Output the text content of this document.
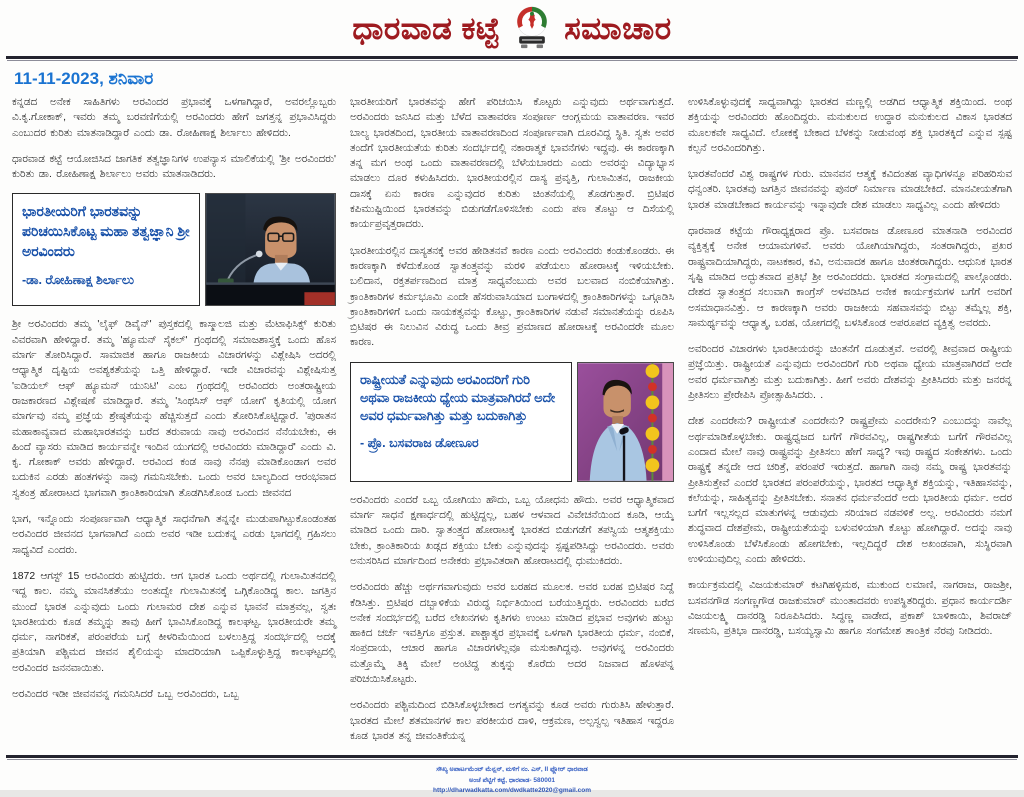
ಧಾರವಾಡ ಕಟ್ಟೆ ಸಮಾಚಾರ
11-11-2023, ಶನಿವಾರ

ಕನ್ನಡದ ಅನೇಕ ಸಾಹಿತಿಗಳು ಅರವಿಂದರ ಪ್ರಭಾವಕ್ಕೆ ಒಳಗಾಗಿದ್ದಾರೆ, ಅವರಲ್ಲೊಬ್ಬರು ವಿ.ಕೃ.ಗೋಕಾಕ್, ಇವರು ತಮ್ಮ ಬರವಣಿಗೆಯಲ್ಲಿ ಅರವಿಂದರು ಹೇಗೆ ಜಗತ್ತನ್ನ ಪ್ರಭಾವಿಸಿದ್ದರು ಎಂಬುದರ ಕುರಿತು ಮಾತನಾಡಿದ್ದಾರೆ ಎಂದು ಡಾ. ರೋಹಿಣಾಕ್ಷ ಶಿರ್ಲಾಲು ಹೇಳಿದರು.

ಧಾರವಾಡ ಕಟ್ಟೆ ಆಯೋಜಿಸಿದ ಜಾಗತಿಕ ತತ್ವಜ್ಞಾನಿಗಳ ಉಪನ್ಯಾಸ ಮಾಲಿಕೆಯಲ್ಲಿ 'ಶ್ರೀ ಅರವಿಂದರು' ಕುರಿತು ಡಾ. ರೋಹಿಣಾಕ್ಷ ಶಿರ್ಲಾಲು ಅವರು ಮಾತನಾಡಿದರು.

ಭಾರತೀಯರಿಗೆ ಭಾರತವನ್ನು ಪರಿಚಯಿಸಿಕೊಟ್ಟ ಮಹಾ ತತ್ವಜ್ಞಾನಿ ಶ್ರೀ ಅರವಿಂದರು

-ಡಾ. ರೋಹಿಣಾಕ್ಷ ಶಿರ್ಲಾಲು

ಶ್ರೀ ಅರವಿಂದರು ತಮ್ಮ 'ಲೈಫ್ ಡಿವೈನ್' ಪುಸ್ತಕದಲ್ಲಿ ಕಾಸ್ಮಾಲಜಿ ಮತ್ತು ಮೆಟಾಫಿಸಿಕ್ಸ್ ಕುರಿತು ವಿವರವಾಗಿ ಹೇಳಿದ್ದಾರೆ. ತಮ್ಮ 'ಹ್ಯೂಮನ್ ಸೈಕಲ್' ಗ್ರಂಥದಲ್ಲಿ ಸಮಾಜಶಾಸ್ತ್ರಕ್ಕೆ ಒಂದು ಹೊಸ ಮಾರ್ಗ ತೋರಿಸಿದ್ದಾರೆ. ಸಾಮಾಜಿಕ ಹಾಗೂ ರಾಜಕೀಯ ವಿಚಾರಗಳನ್ನು ವಿಶ್ಲೇಷಿಸಿ ಅದರಲ್ಲಿ ಆಧ್ಯಾತ್ಮಿಕ ದೃಷ್ಟಿಯ ಅವಶ್ಯಕತೆಯನ್ನು ಒತ್ತಿ ಹೇಳಿದ್ದಾರೆ. ಇದೇ ವಿಚಾರವನ್ನು ವಿಶ್ಲೇಷಿಸುತ್ತ 'ಐಡಿಯಲ್ ಆಫ್ ಹ್ಯೂಮನ್ ಯುನಿಟಿ' ಎಂಬ ಗ್ರಂಥದಲ್ಲಿ ಅರವಿಂದರು ಅಂತರಾಷ್ಟ್ರೀಯ ರಾಜಕಾರಣದ ವಿಶ್ಲೇಷಣೆ ಮಾಡಿದ್ದಾರೆ. ತಮ್ಮ 'ಸಿಂಥಸಿಸ್ ಆಫ್ ಯೋಗ' ಕೃತಿಯಲ್ಲಿ ಯೋಗ ಮಾರ್ಗವು ನಮ್ಮ ಪ್ರಜ್ಞೆಯ ಶ್ರೇಷ್ಠತೆಯನ್ನು ಹೆಚ್ಚಿಸುತ್ತದೆ ಎಂದು ತೋರಿಸಿಕೊಟ್ಟಿದ್ದಾರೆ. 'ಪುರಾತನ ಮಹಾಕಾವ್ಯವಾದ ಮಹಾಭಾರತವನ್ನು ಬರೆದ ತರುವಾಯ ನಾವು ಅರವಿಂದನ ನೆನೆಯಬೇಕು, ಈ ಹಿಂದೆ ವ್ಯಾಸರು ಮಾಡಿದ ಕಾರ್ಯವನ್ನೇ ಇಂದಿನ ಯುಗದಲ್ಲಿ ಅರವಿಂದರು ಮಾಡಿದ್ದಾರೆ' ಎಂದು ವಿ. ಕೃ. ಗೋಕಾಕ್ ಅವರು ಹೇಳಿದ್ದಾರೆ. ಅರವಿಂದ ಕಂಡ ನಾವು ನೆನಪು ಮಾಡಿಕೊಂಡಾಗ ಅವರ ಬದುಕಿನ ಎರಡು ಹಂತಗಳನ್ನು ನಾವು ಗಮನಿಸಬೇಕು. ಒಂದು ಅವರ ಬಾಲ್ಯದಿಂದ ಆರಂಭವಾದ ಸ್ವತಂತ್ರ ಹೋರಾಟದ ಭಾಗವಾಗಿ ಕ್ರಾಂತಿಕಾರಿಯಾಗಿ ತೊಡಗಿಸಿಕೊಂಡ ಒಂದು ಜೀವನದ

ಭಾಗ, ಇನ್ನೊಂದು ಸಂಪೂರ್ಣವಾಗಿ ಆಧ್ಯಾತ್ಮಿಕ ಸಾಧನೆಗಾಗಿ ತನ್ನನ್ನೇ ಮುಡುಪಾಗಿಟ್ಟುಕೊಂಡಂತಹ ಅರವಿಂದರ ಜೀವನದ ಭಾಗವಾಗಿದೆ ಎಂದು ಅವರ ಇಡೀ ಬದುಕನ್ನ ಎರಡು ಭಾಗದಲ್ಲಿ ಗ್ರಹಿಸಲು ಸಾಧ್ಯವಿದೆ ಎಂದರು.

1872 ಆಗಸ್ಟ್ 15 ಅರವಿಂದರು ಹುಟ್ಟಿದರು. ಆಗ ಭಾರತ ಒಂದು ಅರ್ಥದಲ್ಲಿ ಗುಲಾಮಿತನದಲ್ಲಿ ಇದ್ದ ಕಾಲ. ನಮ್ಮ ಮಾನಸಿಕತೆಯು ಅಂತಃದ್ವೇ ಗುಲಾಮಿತನಕ್ಕೆ ಒಗ್ಗಿಕೊಂಡಿದ್ದ ಕಾಲ. ಜಗತ್ತಿನ ಮುಂದೆ ಭಾರತ ಎನ್ನುವುದು ಒಂದು ಗುಲಾಮರ ದೇಶ ಎನ್ನುವ ಭಾವನೆ ಮಾತ್ರವಲ್ಲ, ಸ್ವತಃ ಭಾರತೀಯರು ಕೂಡ ತಮ್ಮನ್ನು ತಾವು ಹೀಗೆ ಭಾವಿಸಿಕೊಂಡಿದ್ದ ಕಾಲಘಟ್ಟ. ಭಾರತೀಯರೇ ತಮ್ಮ ಧರ್ಮ, ನಾಗರಿಕತೆ, ಪರಂಪರೆಯ ಬಗ್ಗೆ ಕೀಳರಿಮೆಯಿಂದ ಬಳಲುತ್ತಿದ್ದ ಸಂದರ್ಭದಲ್ಲಿ ಅದಕ್ಕೆ ಪ್ರತಿಯಾಗಿ ಪಶ್ಚಿಮದ ಜೀವನ ಶೈಲಿಯನ್ನು ಮಾದರಿಯಾಗಿ ಒಪ್ಪಿಕೊಳ್ಳುತ್ತಿದ್ದ ಕಾಲಘಟ್ಟದಲ್ಲಿ ಅರವಿಂದರ ಜನನವಾಯಿತು.

ಅರವಿಂದರ ಇಡೀ ಜೀವನವನ್ನ ಗಮನಿಸಿದರೆ ಒಬ್ಬ ಅರವಿಂದರು, ಒಬ್ಬ

ಭಾರತೀಯರಿಗೆ ಭಾರತವನ್ನು ಹೇಗೆ ಪರಿಚಯಿಸಿ ಕೊಟ್ಟರು ಎನ್ನುವುದು ಅರ್ಥವಾಗುತ್ತದೆ. ಅರವಿಂದರು ಜನಿಸಿದ ಮತ್ತು ಬೆಳೆದ ವಾತಾವರಣ ಸಂಪೂರ್ಣ ಆಂಗ್ಲಮಯ ವಾತಾವರಣ. ಇವರ ಬಾಲ್ಯ ಭಾರತದಿಂದ, ಭಾರತೀಯ ವಾತಾವರಣದಿಂದ ಸಂಪೂರ್ಣವಾಗಿ ದೂರವಿದ್ದ ಸ್ಥಿತಿ. ಸ್ವತಃ ಅವರ ತಂದೆಗೆ ಭಾರತೀಯತೆಯ ಕುರಿತು ಸಂದರ್ಭದಲ್ಲಿ ನಕಾರಾತ್ಮಕ ಭಾವನೆಗಳು ಇದ್ದವು. ಈ ಕಾರಣಕ್ಕಾಗಿ ತನ್ನ ಮಗ ಅಂಥ ಒಂದು ವಾತಾವರಣದಲ್ಲಿ ಬೆಳೆಯಬಾರದು ಎಂದು ಅವರನ್ನು ವಿದ್ಯಾಭ್ಯಾಸ ಮಾಡಲು ದೂರ ಕಳುಹಿಸಿದರು. ಭಾರತೀಯರಲ್ಲಿನ ದಾಸ್ಯ ಪ್ರವೃತ್ತಿ, ಗುಲಾಮಿತನ, ರಾಜಕೀಯ ದಾಸಕ್ಕೆ ಏನು ಕಾರಣ ಎನ್ನುವುದರ ಕುರಿತು ಚಿಂತನೆಯಲ್ಲಿ ತೊಡಗುತ್ತಾರೆ. ಬ್ರಿಟಿಷರ ಕಪಿಮುಷ್ಟಿಯಿಂದ ಭಾರತವನ್ನು ಬಿಡುಗಡೆಗೊಳಿಸಬೇಕು ಎಂದು ಪಣ ತೊಟ್ಟು ಆ ದಿಸೆಯಲ್ಲಿ ಕಾರ್ಯಪ್ರವೃತ್ತರಾದರು.

ಭಾರತೀಯರಲ್ಲಿನ ದಾಸ್ಯತನಕ್ಕೆ ಅವರ ಹೇಡಿತನವೆ ಕಾರಣ ಎಂದು ಅರವಿಂದರು ಕಂಡುಕೊಂಡರು. ಈ ಕಾರಣಕ್ಕಾಗಿ ಕಳೆದುಕೊಂಡ ಸ್ವಾತಂತ್ರ್ಯವನ್ನು ಮರಳಿ ಪಡೆಯಲು ಹೋರಾಟಕ್ಕೆ ಇಳಿಯಬೇಕು. ಬಲಿದಾನ, ರಕ್ತತರ್ಪಣದಿಂದ ಮಾತ್ರ ಸಾಧ್ಯವೆಂಬುದು ಅವರ ಬಲವಾದ ನಂಬಿಕೆಯಾಗಿತ್ತು. ಕ್ರಾಂತಿಕಾರಿಗಳ ಕರ್ಮಭೂಮಿ ಎಂದೇ ಹೆಸರುವಾಸಿಯಾದ ಬಂಗಾಳದಲ್ಲಿ ಕ್ರಾಂತಿಕಾರಿಗಳನ್ನು ಒಗ್ಗೂಡಿಸಿ ಕ್ರಾಂತಿಕಾರಿಗಳಿಗೆ ಒಂದು ನಾಯಕತ್ವವನ್ನು ಕೊಟ್ಟು, ಕ್ರಾಂತಿಕಾರಿಗಳ ನಡುವೆ ಸಮಾನತೆಯನ್ನು ರೂಪಿಸಿ ಬ್ರಿಟಿಷರ ಈ ನಿಲುವಿನ ವಿರುದ್ಧ ಒಂದು ತೀವ್ರ ಪ್ರಮಾಣದ ಹೋರಾಟಕ್ಕೆ ಅರವಿಂದರೇ ಮೂಲ ಕಾರಣ.

ರಾಷ್ಟ್ರೀಯತೆ ಎನ್ನುವುದು ಅರವಿಂದರಿಗೆ ಗುರಿ ಅಥವಾ ರಾಜಕೀಯ ಧ್ಯೇಯ ಮಾತ್ರವಾಗಿರದೆ ಅದೇ ಅವರ ಧರ್ಮವಾಗಿತ್ತು ಮತ್ತು ಬದುಕಾಗಿತ್ತು

- ಪ್ರೊ. ಬಸವರಾಜ ಡೋಣೂರ

ಅರವಿಂದರು ಎಂದರೆ ಒಬ್ಬ ಯೋಗಿಯು ಹೌದು, ಒಬ್ಬ ಯೋಧನು ಹೌದು. ಅವರ ಆಧ್ಯಾತ್ಮಿಕವಾದ ಮಾರ್ಗ ಸಾಧನೆ ಕ್ಷಣಾರ್ಧದಲ್ಲಿ ಹುಟ್ಟಿದ್ದಲ್ಲ, ಬಹಳ ಆಳವಾದ ವಿವೇಚನೆಯಿಂದ ಕೂಡಿ, ಆಯ್ಕೆ ಮಾಡಿದ ಒಂದು ದಾರಿ. ಸ್ವಾತಂತ್ರ್ಯದ ಹೋರಾಟಕ್ಕೆ ಭಾರತದ ಬಿಡುಗಡೆಗೆ ತಪಸ್ವಿಯ ಆತ್ಮಶಕ್ತಿಯು ಬೇಕು, ಕ್ರಾಂತಿಕಾರಿಯ ಖಡ್ಗದ ಶಕ್ತಿಯು ಬೇಕು ಎನ್ನುವುದನ್ನು ಸ್ಪಷ್ಟಪಡಿಸಿದ್ದು ಅರವಿಂದರು. ಅವರು ಅನುಸರಿಸಿದ ಮಾರ್ಗದಿಂದ ಅನೇಕರು ಪ್ರಭಾವಿತರಾಗಿ ಹೋರಾಟದಲ್ಲಿ ಧುಮುಕಿದರು.

ಅರವಿಂದರು ಹೆಚ್ಚು ಅರ್ಥಗವಾಗುವುದು ಅವರ ಬರಹದ ಮೂಲಕ. ಅವರ ಬರಹ ಬ್ರಿಟಿಷರ ನಿದ್ದೆ ಕೆಡಿಸಿತ್ತು. ಬ್ರಿಟಿಷರ ದಬ್ಬಾಳಿಕೆಯ ವಿರುದ್ಧ ನಿರ್ಭಿತಿಯಿಂದ ಬರೆಯುತ್ತಿದ್ದರು. ಅರವಿಂದರು ಬರೆದ ಅನೇಕ ಸಂದರ್ಭದಲ್ಲಿ ಬರೆದ ಲೇಖನಗಳು ಕೃತಿಗಳು ಉಂಟು ಮಾಡಿದ ಪ್ರಭಾವ ಅವುಗಳು ಹುಟ್ಟು ಹಾಕಿದ ಚರ್ಚೆ ಇವತ್ತಿಗೂ ಪ್ರಸ್ತುತ. ಪಾಶ್ಚಾತ್ಯರ ಪ್ರಭಾವಕ್ಕೆ ಒಳಗಾಗಿ ಭಾರತೀಯ ಧರ್ಮ, ನಂಬಿಕೆ, ಸಂಪ್ರದಾಯ, ಆಚಾರ ಹಾಗೂ ವಿಚಾರಗಳೆಲ್ಲವೂ ಮಸುಕಾಗಿದ್ದವು. ಅವುಗಳನ್ನ ಅರವಿಂದರು ಮತ್ತೊಮ್ಮೆ ತಿಕ್ಕಿ ಮೇಲೆ ಅಂಟಿದ್ದ ತುಕ್ಕನ್ನು ಕೊರೆದು ಅದರ ನಿಜವಾದ ಹೊಳಪನ್ನ ಪರಿಚಯಿಸಿಕೊಟ್ಟರು.

ಅರವಿಂದರು ಪಶ್ಚಿಮದಿಂದ ಬಿಡಿಸಿಕೊಳ್ಳಬೇಕಾದ ಅಗತ್ಯವನ್ನು ಕೂಡ ಅವರು ಗುರುತಿಸಿ ಹೇಳುತ್ತಾರೆ. ಭಾರತದ ಮೇಲೆ ಶತಮಾನಗಳ ಕಾಲ ಪರಕೀಯರ ದಾಳಿ, ಆಕ್ರಮಣ, ಅಲ್ಪಸ್ವಲ್ಪ ಇತಿಹಾಸ ಇದ್ದರೂ ಕೂಡ ಭಾರತ ತನ್ನ ಜೀವಂತಿಕೆಯನ್ನ

ಉಳಿಸಿಕೊಳ್ಳುವುದಕ್ಕೆ ಸಾಧ್ಯವಾಗಿದ್ದು ಭಾರತದ ಮಣ್ಣಲ್ಲಿ ಅಡಗಿದ ಆಧ್ಯಾತ್ಮಿಕ ಶಕ್ತಿಯಿಂದ. ಅಂಥ ಶಕ್ತಿಯನ್ನು ಅರವಿಂದರು ಹೊಂದಿದ್ದರು. ಮನುಕುಲದ ಉದ್ಧಾರ ಮನುಕುಲದ ವಿಕಾಸ ಭಾರತದ ಮೂಲಕವೇ ಸಾಧ್ಯವಿದೆ. ಲೋಕಕ್ಕೆ ಬೇಕಾದ ಬೆಳಕನ್ನು ನೀಡುವಂಥ ಶಕ್ತಿ ಭಾರತಕ್ಕಿದೆ ಎನ್ನುವ ಸ್ಪಷ್ಟ ಕಲ್ಪನೆ ಅರವಿಂದರಿಗಿತ್ತು.

ಭಾರತವೆಂದರೆ ವಿಶ್ವ ರಾಷ್ಟ್ರಗಳ ಗುರು. ಮಾನವನ ಆತ್ಮಕ್ಕೆ ಕವಿದಂತಹ ವ್ಯಾಧಿಗಳನ್ನೂ ಪರಿಹರಿಸುವ ಧನ್ವಂತರಿ. ಭಾರತವು ಜಗತ್ತಿನ ಜೀವನವನ್ನು ಪುನರ್ ನಿರ್ಮಾಣ ಮಾಡಬೇಕಿದೆ. ಮಾನವೀಯತೆಗಾಗಿ ಭಾರತ ಮಾಡಬೇಕಾದ ಕಾರ್ಯವನ್ನು ಇನ್ನಾವುದೇ ದೇಶ ಮಾಡಲು ಸಾಧ್ಯವಿಲ್ಲ ಎಂದು ಹೇಳಿದರು

ಧಾರವಾಡ ಕಟ್ಟೆಯ ಗೌರಾಧ್ಯಕ್ಷರಾದ ಪ್ರೊ. ಬಸವರಾಜ ಡೋಣೂರ ಮಾತನಾಡಿ ಅರವಿಂದರ ವ್ಯಕ್ತಿತ್ವಕ್ಕೆ ಅನೇಕ ಆಯಾಮಗಳಿವೆ. ಅವರು ಯೋಗಿಯಾಗಿದ್ದರು, ಸಂತರಾಗಿದ್ದರು, ಪ್ರಖರ ರಾಷ್ಟ್ರವಾದಿಯಾಗಿದ್ದರು, ನಾಟಕಕಾರ, ಕವಿ, ಅನುವಾದಕ ಹಾಗೂ ಚಿಂತಕರಾಗಿದ್ದರು. ಆಧುನಿಕ ಭಾರತ ಸೃಷ್ಟಿ ಮಾಡಿದ ಅದ್ಭುತವಾದ ಪ್ರತಿಭೆ ಶ್ರೀ ಅರವಿಂದರದು. ಭಾರತದ ಸಂಗ್ರಾಮದಲ್ಲಿ ಪಾಲ್ಗೊಂಡರು. ದೇಶದ ಸ್ವಾತಂತ್ರ್ಯದ ಸಲುವಾಗಿ ಕಾಂಗ್ರೆಸ್ ಅಳವಡಿಸಿದ ಅನೇಕ ಕಾರ್ಯಕ್ರಮಗಳ ಬಗೆಗೆ ಅವರಿಗೆ ಅಸಮಾಧಾನವಿತ್ತು. ಆ ಕಾರಣಕ್ಕಾಗಿ ಅವರು ರಾಜಕೀಯ ಸಹವಾಸವನ್ನು ಬಿಟ್ಟು ತಮ್ಮೆಲ್ಲ ಶಕ್ತಿ, ಸಾಮರ್ಥ್ಯವನ್ನು ಆಧ್ಯಾತ್ಮ, ಬರಹ, ಯೋಗದಲ್ಲಿ ಬಳಸಿಕೊಂಡ ಅಪರೂಪದ ವ್ಯಕ್ತಿತ್ವ ಅವರದು.

ಅವರಿಂದರ ವಿಚಾರಗಳು ಭಾರತೀಯರನ್ನು ಚಿಂತನೆಗೆ ದೂಡುತ್ತವೆ. ಅವರಲ್ಲಿ ತೀವ್ರವಾದ ರಾಷ್ಟ್ರೀಯ ಪ್ರಜ್ಞೆಯಿತ್ತು. ರಾಷ್ಟ್ರೀಯತೆ ಎನ್ನುವುದು ಅರವಿಂದರಿಗೆ ಗುರಿ ಅಥವಾ ಧ್ಯೇಯ ಮಾತ್ರವಾಗಿರದೆ ಅದೇ ಅವರ ಧರ್ಮವಾಗಿತ್ತು ಮತ್ತು ಬದುಕಾಗಿತ್ತು. ಹೀಗೆ ಅವರು ದೇಶವನ್ನು ಪ್ರೀತಿಸಿದರು ಮತ್ತು ಜನರನ್ನ ಪ್ರೀತಿಸಲು ಪ್ರೇರೇಪಿಸಿ ಪ್ರೋತ್ಸಾಹಿಸಿದರು. .

ದೇಶ ಎಂದರೇನು? ರಾಷ್ಟ್ರೀಯತೆ ಎಂದರೇನು? ರಾಷ್ಟ್ರಪ್ರೇಮ ಎಂದರೇನು? ಎಂಬುದನ್ನು ನಾವೆಲ್ಲ ಅರ್ಥಮಾಡಿಕೊಳ್ಳಬೇಕು. ರಾಷ್ಟ್ರಧ್ವಜದ ಬಗೆಗೆ ಗೌರವವಿಲ್ಲ, ರಾಷ್ಟ್ರಗೀತೆಯ ಬಗೆಗೆ ಗೌರವವಿಲ್ಲ ಎಂದಾದ ಮೇಲೆ ನಾವು ರಾಷ್ಟ್ರವನ್ನು ಪ್ರೀತಿಸಲು ಹೇಗೆ ಸಾಧ್ಯ? ಇವು ರಾಷ್ಟ್ರದ ಸಂಕೇತಗಳು. ಒಂದು ರಾಷ್ಟ್ರಕ್ಕೆ ತನ್ನದೇ ಆದ ಚರಿತ್ರೆ, ಪರಂಪರೆ ಇರುತ್ತದೆ. ಹಾಗಾಗಿ ನಾವು ನಮ್ಮ ರಾಷ್ಟ್ರ ಭಾರತವನ್ನು ಪ್ರೀತಿಸುತ್ತೇವೆ ಎಂದರೆ ಭಾರತದ ಪರಂಪರೆಯನ್ನು, ಭಾರತದ ಆಧ್ಯಾತ್ಮಿಕ ಶಕ್ತಿಯನ್ನು, ಇತಿಹಾಸವನ್ನು, ಕಲೆಯನ್ನು, ಸಾಹಿತ್ಯವನ್ನು ಪ್ರೀತಿಸಬೇಕು. ಸನಾತನ ಧರ್ಮವೆಂದರೆ ಅದು ಭಾರತೀಯ ಧರ್ಮ. ಅದರ ಬಗೆಗೆ ಇಲ್ಲಸಲ್ಲದ ಮಾತುಗಳನ್ನ ಆಡುವುದು ಸರಿಯಾದ ನಡವಳಿಕೆ ಅಲ್ಲ. ಅರವಿಂದರು ನಮಗೆ ಶುದ್ಧವಾದ ದೇಶಪ್ರೇಮ, ರಾಷ್ಟ್ರೀಯತೆಯನ್ನು ಬಳುವಳಿಯಾಗಿ ಕೊಟ್ಟು ಹೋಗಿದ್ದಾರೆ. ಅದನ್ನು ನಾವು ಉಳಿಸಿಕೊಂಡು ಬೆಳೆಸಿಕೊಂಡು ಹೋಗಬೇಕು, ಇಲ್ಲದಿದ್ದರೆ ದೇಶ ಅಖಂಡವಾಗಿ, ಸುಸ್ಥಿರವಾಗಿ ಉಳಿಯುವುದಿಲ್ಲ ಎಂದು ಹೇಳಿದರು.

ಕಾರ್ಯಕ್ರಮದಲ್ಲಿ ವಿಜಯಕುಮಾರ್ ಕಟಗಿಹಳ್ಳಿಮಠ, ಮುಕುಂದ ಲಮಾಣಿ, ನಾಗರಾಜ, ರಾಜಶ್ರೀ, ಬಸವನಗೌಡ ಸಂಗಣ್ಣಗೌಡ ರಾಜಕುಮಾರ್ ಮುಂತಾದವರು ಉಪಸ್ಥಿತರಿದ್ದರು. ಪ್ರಧಾನ ಕಾರ್ಯದರ್ಶಿ ವಿಜಯಲಕ್ಷ್ಮಿ ದಾನರಡ್ಡಿ ನಿರೂಪಿಸಿದರು. ಸಿದ್ಧಣ್ಣ ವಾಡೇದ, ಪ್ರಕಾಶ್ ಬಾಳಿಕಾಯಿ, ಶಿವರಾಜ್ ಸಣಮನಿ, ಪ್ರತಿಭಾ ದಾನರಡ್ಡಿ, ಬಸಯ್ಯಸ್ವಾಮಿ ಹಾಗೂ ಸಂಗಮೇಶ ತಾಂತ್ರಿಕ ನೆರವು ನೀಡಿದರು.

ಸೌಖ್ಯ ಅಪಾರ್ಟಮೆಂಟ್ ಮೆನ್ಷನ್, ಮಳಿಗೆ ನಂ. ಎಸ್, II ಫ್ಲೋರ್ ಧಾರವಾಡ

ಅಂಚೆ ಪೆಟ್ಟಿಗೆ ಕಟ್ಟೆ, ಧಾರವಾಡ- 580001

http://dharwadkatta.com/dwdkatte2020@gmail.com
